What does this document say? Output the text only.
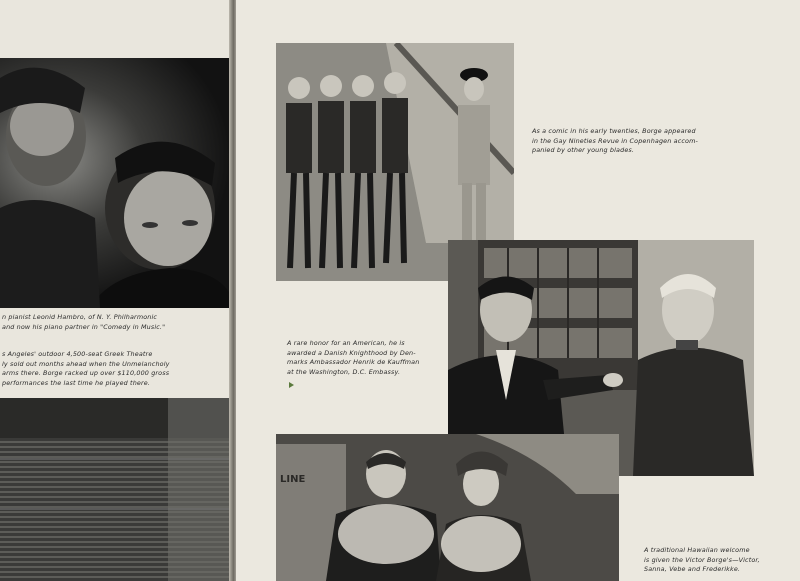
n pianist Leonid Hambro, of N. Y. Philharmonic
and now his piano partner in "Comedy in Music."
s Angeles' outdoor 4,500-seat Greek Theatre
ly sold out months ahead when the Unmelancholy
arms there. Borge racked up over $110,000 gross
performances the last time he played there.
As a comic in his early twenties, Borge appeared
in the Gay Nineties Revue in Copenhagen accom-
panied by other young blades.
A rare honor for an American, he is
awarded a Danish Knighthood by Den-
marks Ambassador Henrik de Kauffman
at the Washington, D.C. Embassy.
LINE
A traditional Hawaiian welcome
is given the Victor Borge's—Victor,
Sanna, Vebe and Frederikke.
